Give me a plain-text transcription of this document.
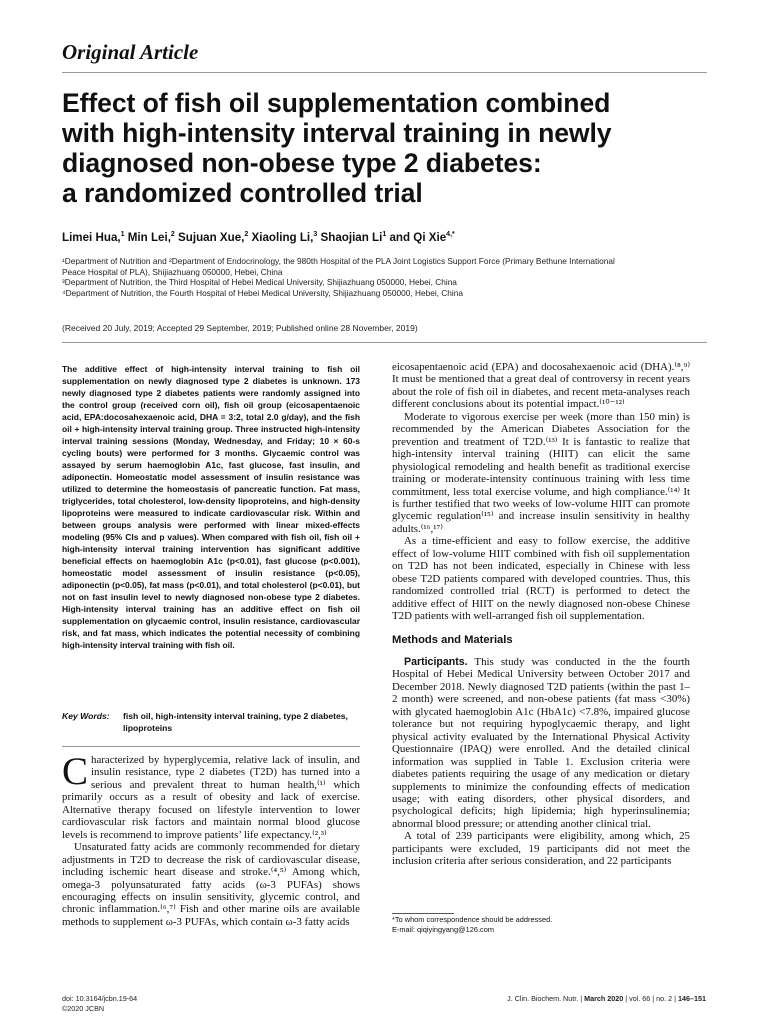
Original Article
Effect of fish oil supplementation combined
with high-intensity interval training in newly
diagnosed non-obese type 2 diabetes:
a randomized controlled trial
Limei Hua,$^1$ Min Lei,$^2$ Sujuan Xue,$^2$ Xiaoling Li,$^3$ Shaojian Li$^1$ and Qi Xie$^{4,*}$
¹Department of Nutrition and ²Department of Endocrinology, the 980th Hospital of the PLA Joint Logistics Support Force (Primary Bethune International
Peace Hospital of PLA), Shijiazhuang 050000, Hebei, China
³Department of Nutrition, the Third Hospital of Hebei Medical University, Shijiazhuang 050000, Hebei, China
⁴Department of Nutrition, the Fourth Hospital of Hebei Medical University, Shijiazhuang 050000, Hebei, China
(Received 20 July, 2019; Accepted 29 September, 2019; Published online 28 November, 2019)
The additive effect of high-intensity interval training to fish oil supplementation on newly diagnosed type 2 diabetes is unknown. 173 newly diagnosed type 2 diabetes patients were randomly assigned into the control group (received corn oil), fish oil group (eicosapentaenoic acid, EPA:docosahexaenoic acid, DHA = 3:2, total 2.0 g/day), and the fish oil + high-intensity interval training group. Three instructed high-intensity interval training sessions (Monday, Wednesday, and Friday; 10 × 60-s cycling bouts) were performed for 3 months. Glycaemic control was assayed by serum haemoglobin A1c, fast glucose, fast insulin, and adiponectin. Homeostatic model assessment of insulin resistance was utilized to determine the homeostasis of pancreatic function. Fat mass, triglycerides, total cholesterol, low-density lipoproteins, and high-density lipoproteins were measured to indicate cardiovascular risk. Within and between groups analysis were performed with linear mixed-effects modeling (95% CIs and p values). When compared with fish oil, fish oil + high-intensity interval training intervention has significant additive beneficial effects on haemoglobin A1c (p<0.01), fast glucose (p<0.001), homeostatic model assessment of insulin resistance (p<0.05), adiponectin (p<0.05), fat mass (p<0.01), and total cholesterol (p<0.01), but not on fast insulin level to newly diagnosed non-obese type 2 diabetes. High-intensity interval training has an additive effect on fish oil supplementation on glycaemic control, insulin resistance, cardiovascular risk, and fat mass, which indicates the potential necessity of combining high-intensity interval training with fish oil.
Key Words: fish oil, high-intensity interval training, type 2 diabetes, lipoproteins

Characterized by hyperglycemia, relative lack of insulin, and insulin resistance, type 2 diabetes (T2D) has turned into a serious and prevalent threat to human health,⁽¹⁾ which primarily occurs as a result of obesity and lack of exercise. Alternative therapy focused on lifestyle intervention to lower cardiovascular risk factors and maintain normal blood glucose levels is recommend to improve patients’ life expectancy.⁽²,³⁾

Unsaturated fatty acids are commonly recommended for dietary adjustments in T2D to decrease the risk of cardiovascular disease, including ischemic heart disease and stroke.⁽⁴,⁵⁾ Among which, omega-3 polyunsaturated fatty acids (ω-3 PUFAs) shows encouraging effects on insulin sensitivity, glycemic control, and chronic inflammation.⁽⁶,⁷⁾ Fish and other marine oils are available methods to supplement ω-3 PUFAs, which contain ω-3 fatty acids

eicosapentaenoic acid (EPA) and docosahexaenoic acid (DHA).⁽⁸,⁹⁾ It must be mentioned that a great deal of controversy in recent years about the role of fish oil in diabetes, and recent meta-analyses reach different conclusions about its potential impact.⁽¹⁰⁻¹²⁾

Moderate to vigorous exercise per week (more than 150 min) is recommended by the American Diabetes Association for the prevention and treatment of T2D.⁽¹³⁾ It is fantastic to realize that high-intensity interval training (HIIT) can elicit the same physiological remodeling and health benefit as traditional exercise training or moderate-intensity continuous training with less time commitment, less total exercise volume, and high compliance.⁽¹⁴⁾ It is further testified that two weeks of low-volume HIIT can promote glycemic regulation⁽¹⁵⁾ and increase insulin sensitivity in healthy adults.⁽¹⁶,¹⁷⁾

As a time-efficient and easy to follow exercise, the additive effect of low-volume HIIT combined with fish oil supplementation on T2D has not been indicated, especially in Chinese with less obese T2D patients compared with developed countries. Thus, this randomized controlled trial (RCT) is performed to detect the additive effect of HIIT on the newly diagnosed non-obese Chinese T2D patients with well-arranged fish oil supplementation.

Methods and Materials

Participants. This study was conducted in the the fourth Hospital of Hebei Medical University between October 2017 and December 2018. Newly diagnosed T2D patients (within the past 1–2 month) were screened, and non-obese patients (fat mass <30%) with glycated haemoglobin A1c (HbA1c) <7.8%, impaired glucose tolerance but not requiring hypoglycaemic therapy, and light physical activity evaluated by the International Physical Activity Questionnaire (IPAQ) were enrolled. And the detailed clinical information was supplied in Table 1. Exclusion criteria were diabetes patients requiring the usage of any medication or dietary supplements to minimize the confounding effects of medication usage; with eating disorders, other physical disorders, and psychological deficits; high lipidemia; high hyperinsulinemia; abnormal blood pressure; or attending another clinical trial.

A total of 239 participants were eligibility, among which, 25 participants were excluded, 19 participants did not meet the inclusion criteria after serious consideration, and 22 participants

*To whom correspondence should be addressed.
E-mail: qiqiyingyang@126.com
doi: 10.3164/jcbn.19-64
©2020 JCBN
J. Clin. Biochem. Nutr. | March 2020 | vol. 66 | no. 2 | 146–151
